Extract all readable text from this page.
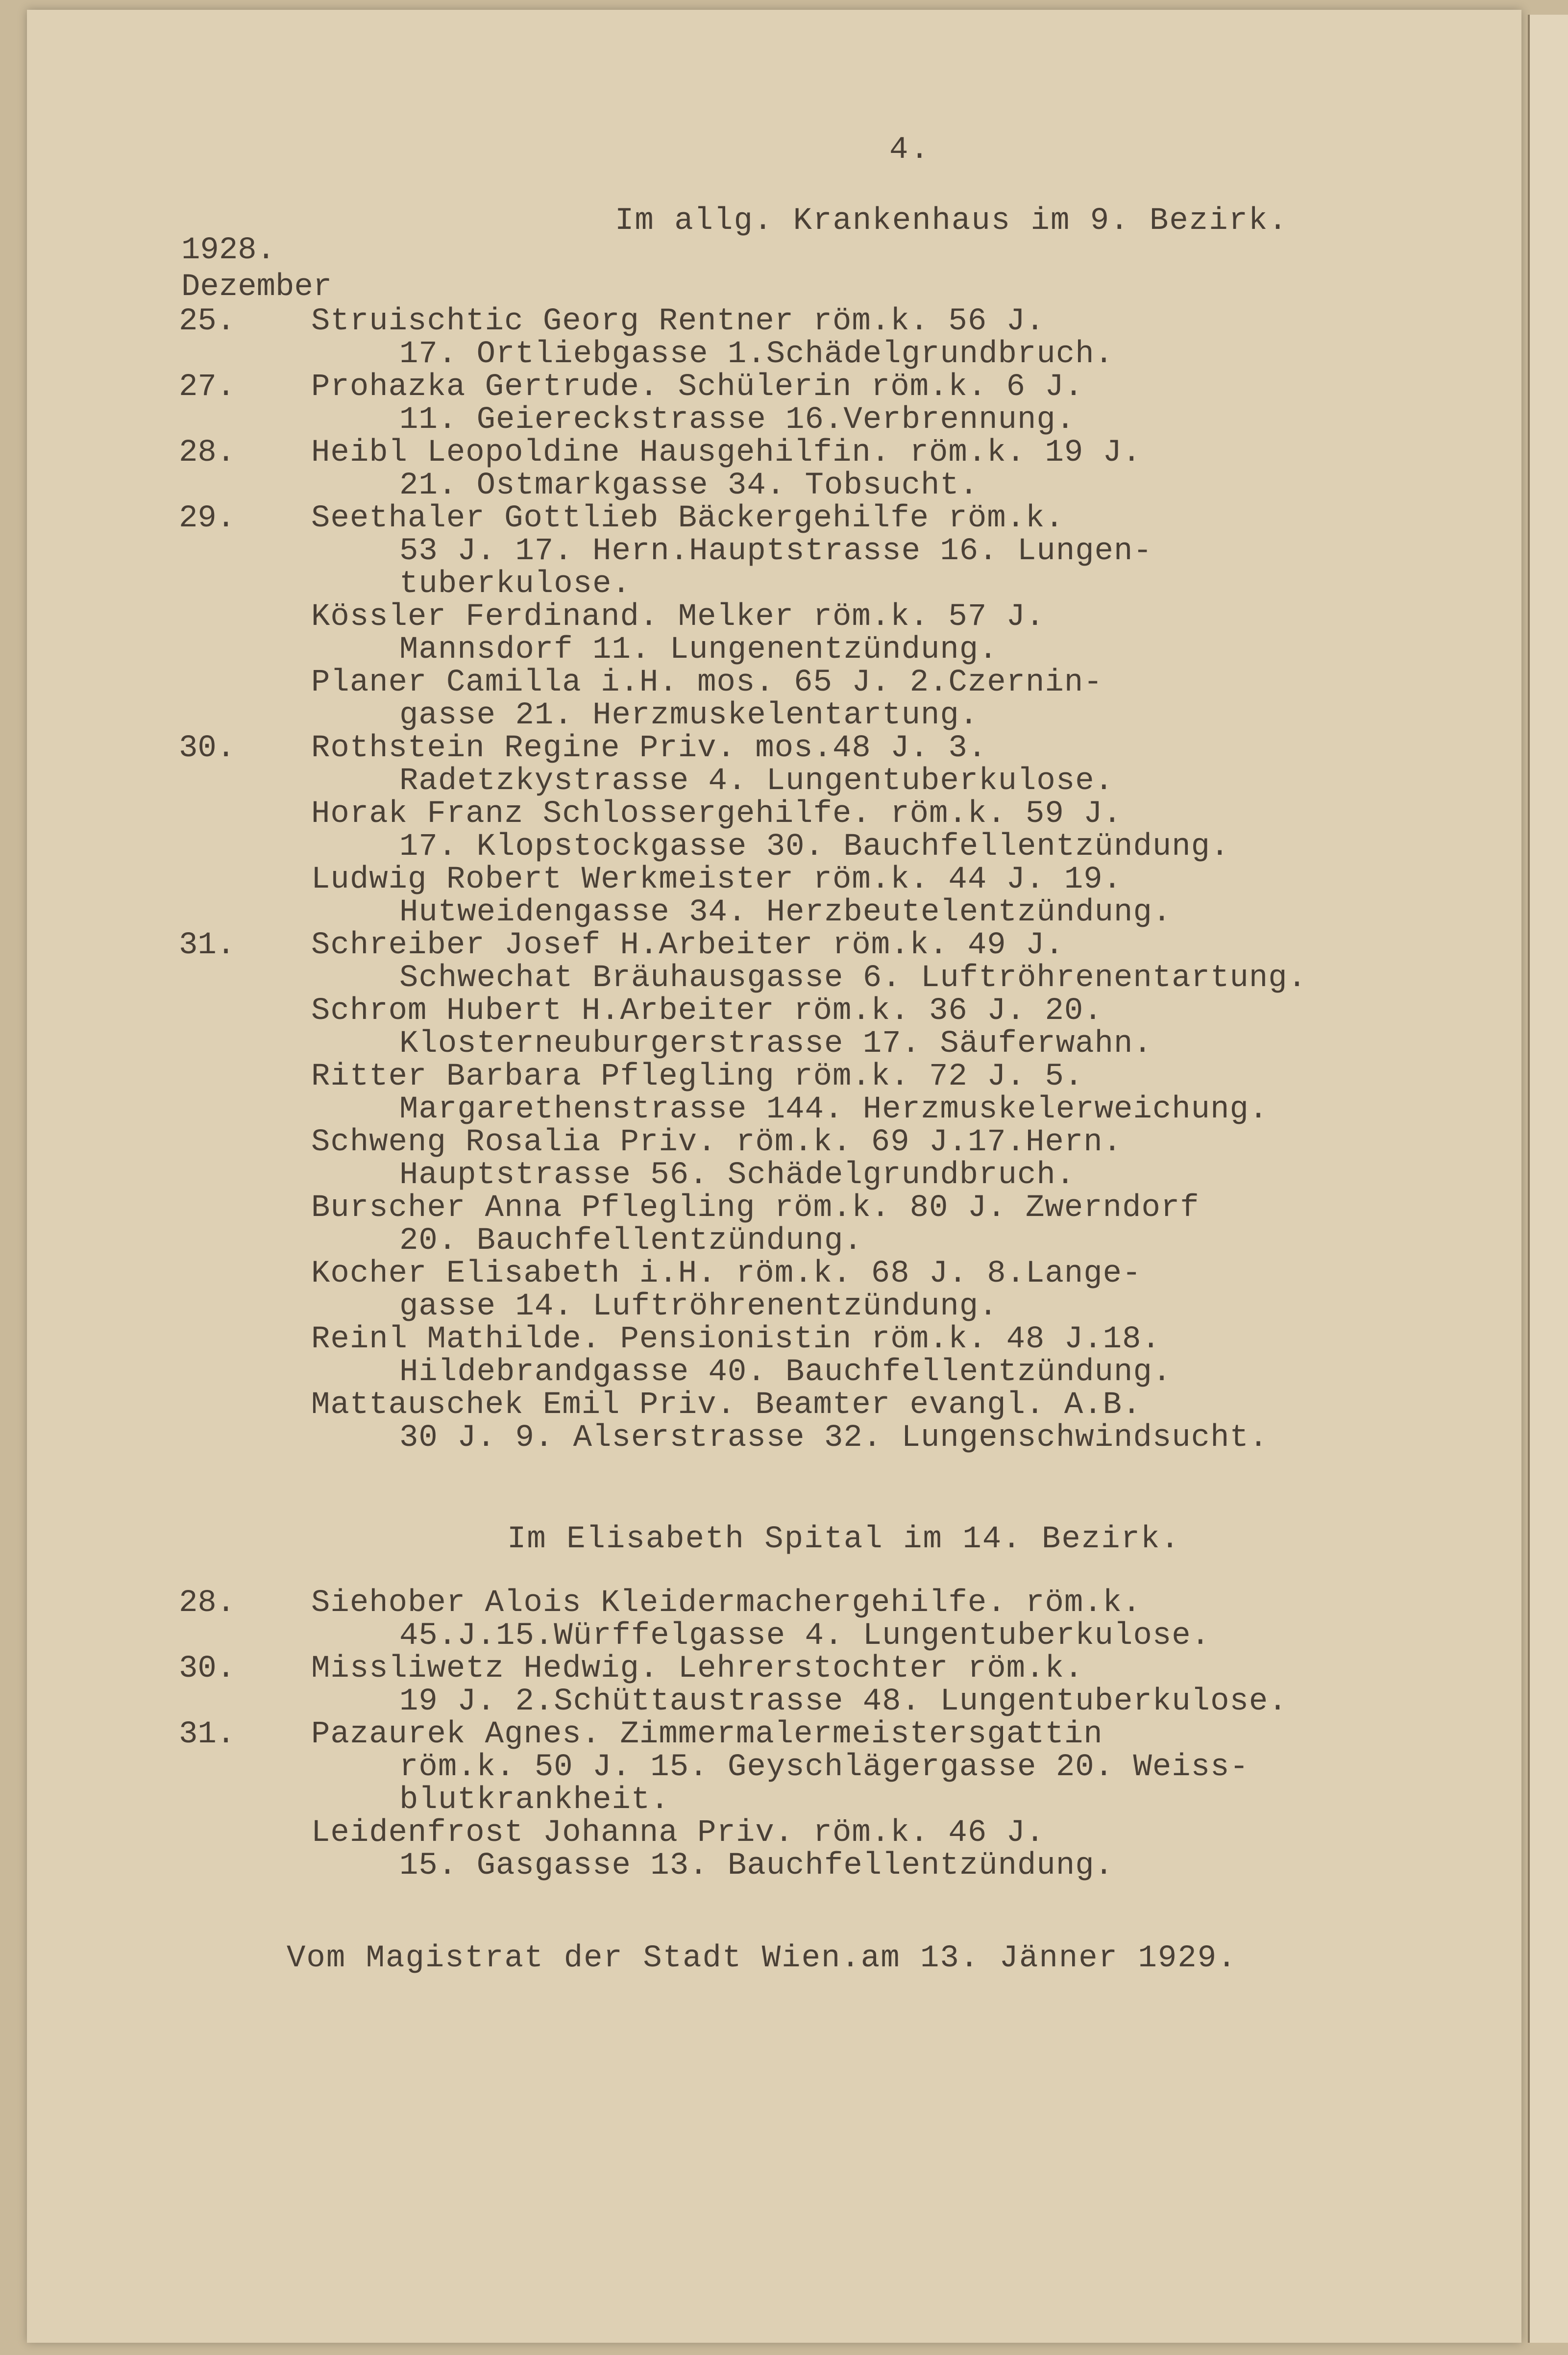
4.
Im allg. Krankenhaus im 9. Bezirk.
1928.
Dezember
25. Struischtic Georg Rentner röm.k. 56 J.
17. Ortliebgasse 1.Schädelgrundbruch.
27. Prohazka Gertrude. Schülerin röm.k. 6 J.
11. Geiereckstrasse 16.Verbrennung.
28. Heibl Leopoldine Hausgehilfin. röm.k. 19 J.
21. Ostmarkgasse 34. Tobsucht.
29. Seethaler Gottlieb Bäckergehilfe röm.k.
53 J. 17. Hern.Hauptstrasse 16. Lungen-
tuberkulose.
Kössler Ferdinand. Melker röm.k. 57 J.
Mannsdorf 11. Lungenentzündung.
Planer Camilla i.H. mos. 65 J. 2.Czernin-
gasse 21. Herzmuskelentartung.
30. Rothstein Regine Priv. mos.48 J. 3.
Radetzkystrasse 4. Lungentuberkulose.
Horak Franz Schlossergehilfe. röm.k. 59 J.
17. Klopstockgasse 30. Bauchfellentzündung.
Ludwig Robert Werkmeister röm.k. 44 J. 19.
Hutweidengasse 34. Herzbeutelentzündung.
31. Schreiber Josef H.Arbeiter röm.k. 49 J.
Schwechat Bräuhausgasse 6. Luftröhrenentartung.
Schrom Hubert H.Arbeiter röm.k. 36 J. 20.
Klosterneuburgerstrasse 17. Säuferwahn.
Ritter Barbara Pflegling röm.k. 72 J. 5.
Margarethenstrasse 144. Herzmuskelerweichung.
Schweng Rosalia Priv. röm.k. 69 J.17.Hern.
Hauptstrasse 56. Schädelgrundbruch.
Burscher Anna Pflegling röm.k. 80 J. Zwerndorf
20. Bauchfellentzündung.
Kocher Elisabeth i.H. röm.k. 68 J. 8.Lange-
gasse 14. Luftröhrenentzündung.
Reinl Mathilde. Pensionistin röm.k. 48 J.18.
Hildebrandgasse 40. Bauchfellentzündung.
Mattauschek Emil Priv. Beamter evangl. A.B.
30 J. 9. Alserstrasse 32. Lungenschwindsucht.
Im Elisabeth Spital im 14. Bezirk.
28. Siehober Alois Kleidermachergehilfe. röm.k.
45.J.15.Würffelgasse 4. Lungentuberkulose.
30. Missliwetz Hedwig. Lehrerstochter röm.k.
19 J. 2.Schüttaustrasse 48. Lungentuberkulose.
31. Pazaurek Agnes. Zimmermalermeistersgattin
röm.k. 50 J. 15. Geyschlägergasse 20. Weiss-
blutkrankheit.
Leidenfrost Johanna Priv. röm.k. 46 J.
15. Gasgasse 13. Bauchfellentzündung.
Vom Magistrat der Stadt Wien.am 13. Jänner 1929.
